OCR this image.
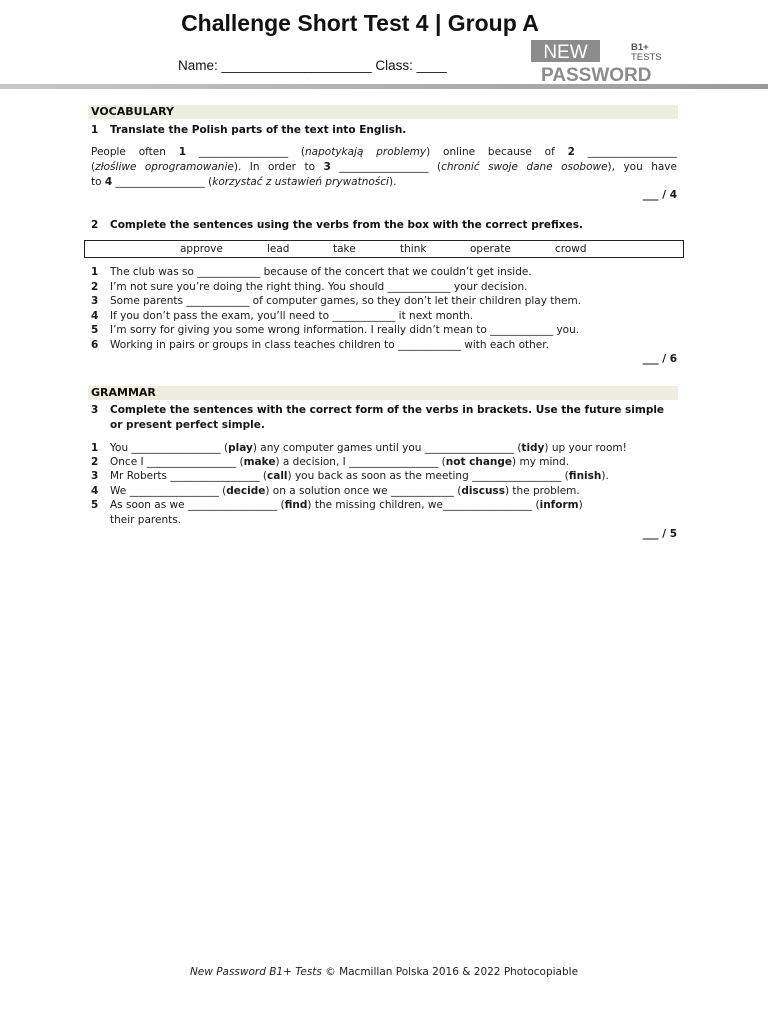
Challenge Short Test 4 | Group A
Name: ____________________ Class: ____
NEW	B1+
TESTS
PASSWORD
VOCABULARY
1 Translate the Polish parts of the text into English.
People often 1 _________________ (napotykają problemy) online because of 2 _________________
(złośliwe oprogramowanie). In order to 3 _________________ (chronić swoje dane osobowe), you have
to 4 _________________ (korzystać z ustawień prywatności).
___ / 4
2 Complete the sentences using the verbs from the box with the correct prefixes.
approve	lead	take	think	operate	crowd
1 The club was so ____________ because of the concert that we couldn’t get inside.
2 I’m not sure you’re doing the right thing. You should ____________ your decision.
3 Some parents ____________ of computer games, so they don’t let their children play them.
4 If you don’t pass the exam, you’ll need to ____________ it next month.
5 I’m sorry for giving you some wrong information. I really didn’t mean to ____________ you.
6 Working in pairs or groups in class teaches children to ____________ with each other.
___ / 6
GRAMMAR
3 Complete the sentences with the correct form of the verbs in brackets. Use the future simple
or present perfect simple.
1 You _________________ (play) any computer games until you _________________ (tidy) up your room!
2 Once I _________________ (make) a decision, I _________________ (not change) my mind.
3 Mr Roberts _________________ (call) you back as soon as the meeting _________________ (finish).
4 We _________________ (decide) on a solution once we ____________ (discuss) the problem.
5 As soon as we _________________ (find) the missing children, we_________________ (inform)
their parents.
___ / 5
New Password B1+ Tests © Macmillan Polska 2016 & 2022 Photocopiable
